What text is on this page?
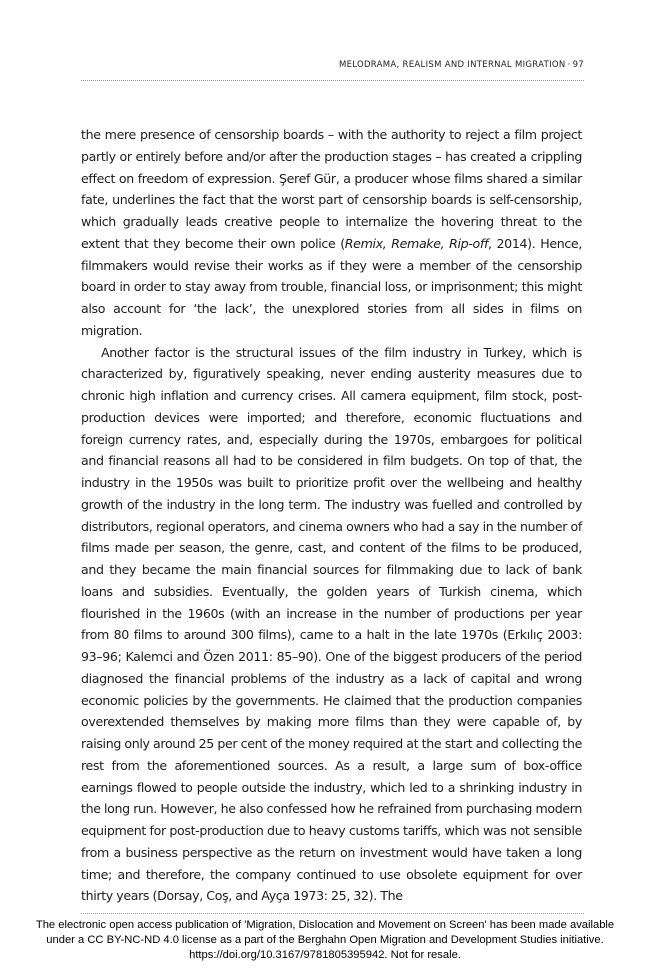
MELODRAMA, REALISM AND INTERNAL MIGRATION · 97

the mere presence of censorship boards – with the authority to reject a film project partly or entirely before and/or after the production stages – has created a crippling effect on freedom of expression. Şeref Gür, a producer whose films shared a similar fate, underlines the fact that the worst part of censorship boards is self-censorship, which gradually leads creative people to internalize the hovering threat to the extent that they become their own police (Remix, Remake, Rip-off, 2014). Hence, filmmakers would revise their works as if they were a member of the censorship board in order to stay away from trouble, financial loss, or imprisonment; this might also account for ‘the lack’, the unexplored stories from all sides in films on migration.

Another factor is the structural issues of the film industry in Turkey, which is characterized by, figuratively speaking, never ending austerity measures due to chronic high inflation and currency crises. All camera equipment, film stock, post-production devices were imported; and therefore, economic fluctuations and foreign currency rates, and, especially during the 1970s, embargoes for political and financial reasons all had to be considered in film budgets. On top of that, the industry in the 1950s was built to prioritize profit over the wellbeing and healthy growth of the industry in the long term. The industry was fuelled and controlled by distributors, regional operators, and cinema owners who had a say in the number of films made per season, the genre, cast, and content of the films to be produced, and they became the main financial sources for filmmaking due to lack of bank loans and subsidies. Eventually, the golden years of Turkish cinema, which flourished in the 1960s (with an increase in the number of productions per year from 80 films to around 300 films), came to a halt in the late 1970s (Erkılıç 2003: 93–96; Kalemci and Özen 2011: 85–90). One of the biggest producers of the period diagnosed the financial problems of the industry as a lack of capital and wrong economic policies by the governments. He claimed that the production companies overextended themselves by making more films than they were capable of, by raising only around 25 per cent of the money required at the start and collecting the rest from the aforementioned sources. As a result, a large sum of box-office earnings flowed to people outside the industry, which led to a shrinking industry in the long run. However, he also confessed how he refrained from purchasing modern equipment for post-production due to heavy customs tariffs, which was not sensible from a business perspective as the return on investment would have taken a long time; and therefore, the company continued to use obsolete equipment for over thirty years (Dorsay, Coş, and Ayça 1973: 25, 32). The

The electronic open access publication of 'Migration, Dislocation and Movement on Screen' has been made available
under a CC BY-NC-ND 4.0 license as a part of the Berghahn Open Migration and Development Studies initiative.
https://doi.org/10.3167/9781805395942. Not for resale.
